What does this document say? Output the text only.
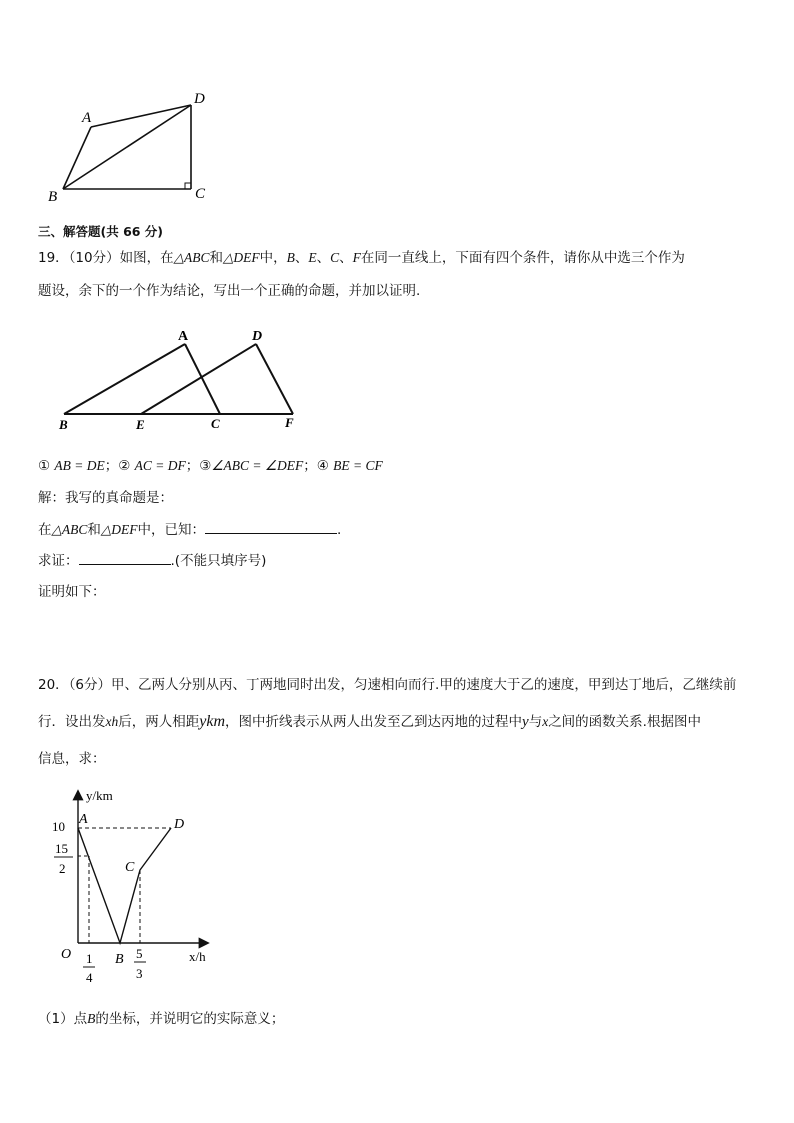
A
D
B	C
三、解答题(共 66 分)
19．（10分）如图，在△ABC和△DEF中，B、E、C、F在同一直线上，下面有四个条件，请你从中选三个作为
题设，余下的一个作为结论，写出一个正确的命题，并加以证明.
A	D
B	E	C	F
① AB = DE；② AC = DF；③∠ABC = ∠DEF；④ BE = CF
解：我写的真命题是：
在△ABC和△DEF中，已知：	.
求证：	.(不能只填序号)
证明如下：
20．（6分）甲、乙两人分别从丙、丁两地同时出发，匀速相向而行.甲的速度大于乙的速度，甲到达丁地后，乙继续前
行．设出发xh后，两人相距ykm，图中折线表示从两人出发至乙到达丙地的过程中y与x之间的函数关系.根据图中
信息，求：
y/km
x/h
O
10
15
2
1
4
5
3
A
B
C
D
（1）点B的坐标，并说明它的实际意义；
